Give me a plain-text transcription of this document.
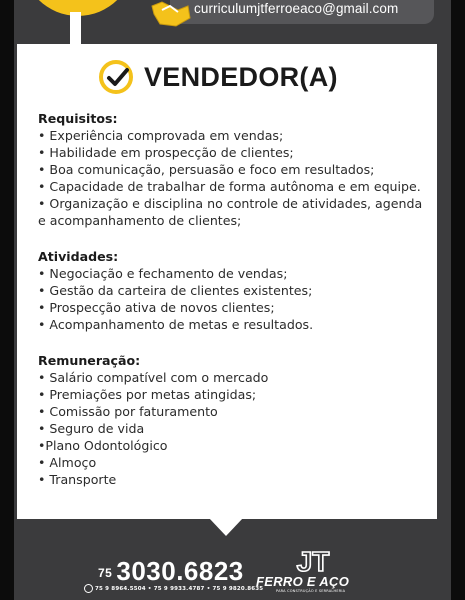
curriculumjtferroeaco@gmail.com
VENDEDOR(A)
Requisitos:

• Experiência comprovada em vendas;

• Habilidade em prospecção de clientes;

• Boa comunicação, persuasão e foco em resultados;

• Capacidade de trabalhar de forma autônoma e em equipe.

• Organização e disciplina no controle de atividades, agenda e acompanhamento de clientes;

Atividades:

• Negociação e fechamento de vendas;

• Gestão da carteira de clientes existentes;

• Prospecção ativa de novos clientes;

• Acompanhamento de metas e resultados.

Remuneração:

• Salário compatível com o mercado

• Premiações por metas atingidas;

• Comissão por faturamento

• Seguro de vida

•Plano Odontológico

• Almoço

• Transporte

75 3030.6823
75 9 8964.5504 • 75 9 9933.4787 • 75 9 9820.8635
JT
FERRO E AÇO
PARA CONSTRUÇÃO E SERRALHERIA
